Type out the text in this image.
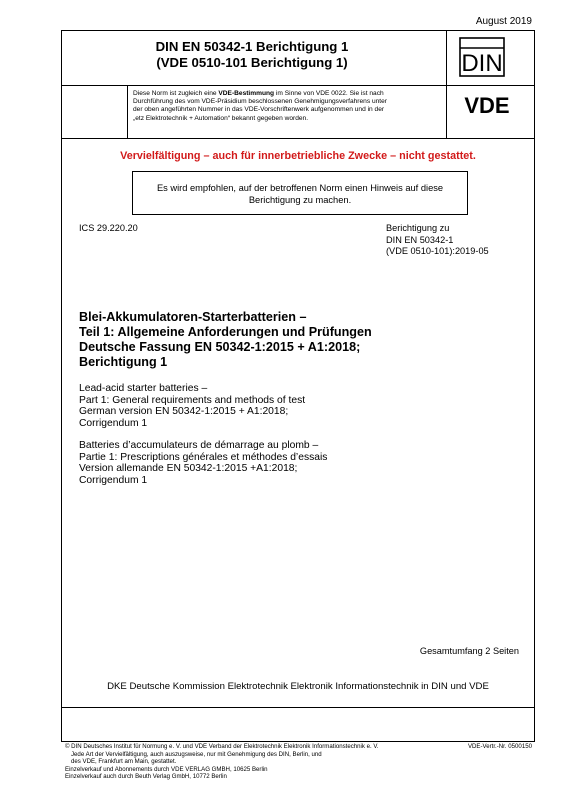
August 2019
DIN EN 50342-1 Berichtigung 1
(VDE 0510-101 Berichtigung 1)	DIN
Diese Norm ist zugleich eine VDE-Bestimmung im Sinne von VDE 0022. Sie ist nach
Durchführung des vom VDE-Präsidium beschlossenen Genehmigungsverfahrens unter
der oben angeführten Nummer in das VDE-Vorschriftenwerk aufgenommen und in der
„etz Elektrotechnik + Automation“ bekannt gegeben worden.
VDE
Vervielfältigung – auch für innerbetriebliche Zwecke – nicht gestattet.
Es wird empfohlen, auf der betroffenen Norm einen Hinweis auf diese
Berichtigung zu machen.
ICS 29.220.20	Berichtigung zu
DIN EN 50342-1
(VDE 0510-101):2019-05
Blei-Akkumulatoren-Starterbatterien –
Teil 1: Allgemeine Anforderungen und Prüfungen
Deutsche Fassung EN 50342-1:2015 + A1:2018;
Berichtigung 1
Lead-acid starter batteries –
Part 1: General requirements and methods of test
German version EN 50342-1:2015 + A1:2018;
Corrigendum 1
Batteries d’accumulateurs de démarrage au plomb –
Partie 1: Prescriptions générales et méthodes d’essais
Version allemande EN 50342-1:2015 +A1:2018;
Corrigendum 1
Gesamtumfang 2 Seiten
DKE Deutsche Kommission Elektrotechnik Elektronik Informationstechnik in DIN und VDE
© DIN Deutsches Institut für Normung e. V. und VDE Verband der Elektrotechnik Elektronik Informationstechnik e. V.
Jede Art der Vervielfältigung, auch auszugsweise, nur mit Genehmigung des DIN, Berlin, und
des VDE, Frankfurt am Main, gestattet.
Einzelverkauf und Abonnements durch VDE VERLAG GMBH, 10625 Berlin
Einzelverkauf auch durch Beuth Verlag GmbH, 10772 Berlin
VDE-Vertr.-Nr. 0500150
